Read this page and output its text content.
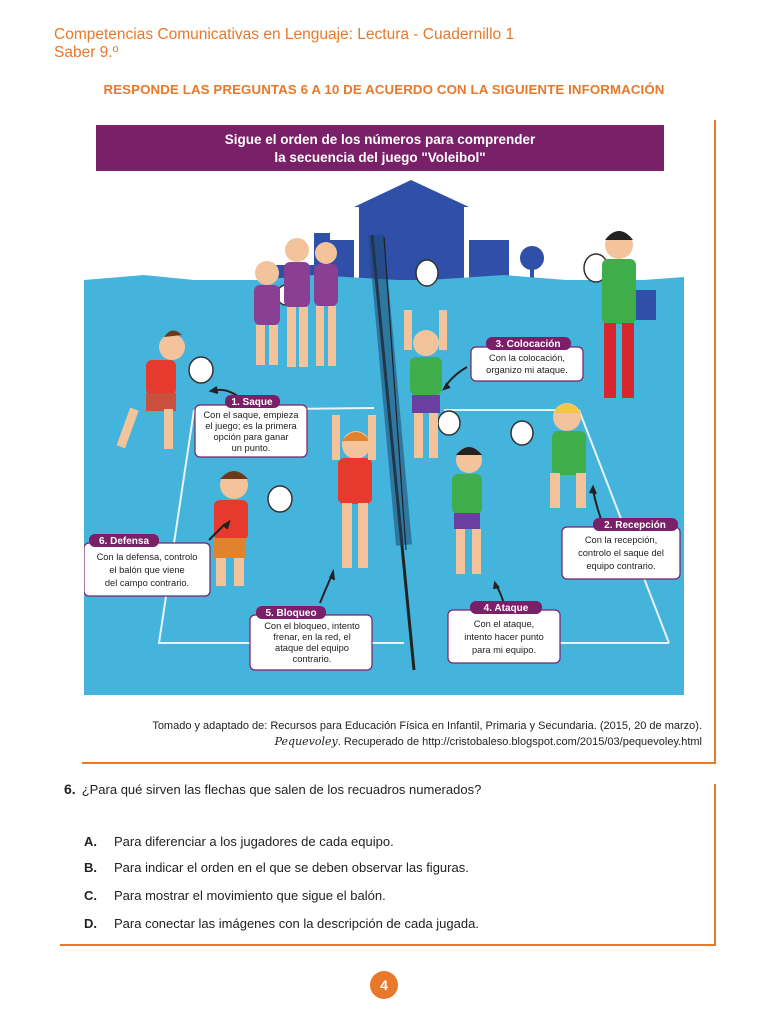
Competencias Comunicativas en Lenguaje: Lectura - Cuadernillo 1
Saber 9.º
RESPONDE LAS PREGUNTAS 6 A 10 DE ACUERDO CON LA SIGUIENTE INFORMACIÓN
Sigue el orden de los números para comprender
la secuencia del juego "Voleibol"
1. Saque
Con el saque, empieza
el juego; es la primera
opción para ganar
un punto.
3. Colocación
Con la colocación,
organizo mi ataque.
2. Recepción
Con la recepción,
controlo el saque del
equipo contrario.
4. Ataque
Con el ataque,
intento hacer punto
para mi equipo.
5. Bloqueo
Con el bloqueo, intento
frenar, en la red, el
ataque del equipo
contrario.
6. Defensa
Con la defensa, controlo
el balón que viene
del campo contrario.
Tomado y adaptado de: Recursos para Educación Física en Infantil, Primaria y Secundaria. (2015, 20 de marzo).
Pequevoley. Recuperado de http://cristobaleso.blogspot.com/2015/03/pequevoley.html
6. ¿Para qué sirven las flechas que salen de los recuadros numerados?
A. Para diferenciar a los jugadores de cada equipo.
B. Para indicar el orden en el que se deben observar las figuras.
C. Para mostrar el movimiento que sigue el balón.
D. Para conectar las imágenes con la descripción de cada jugada.
4
